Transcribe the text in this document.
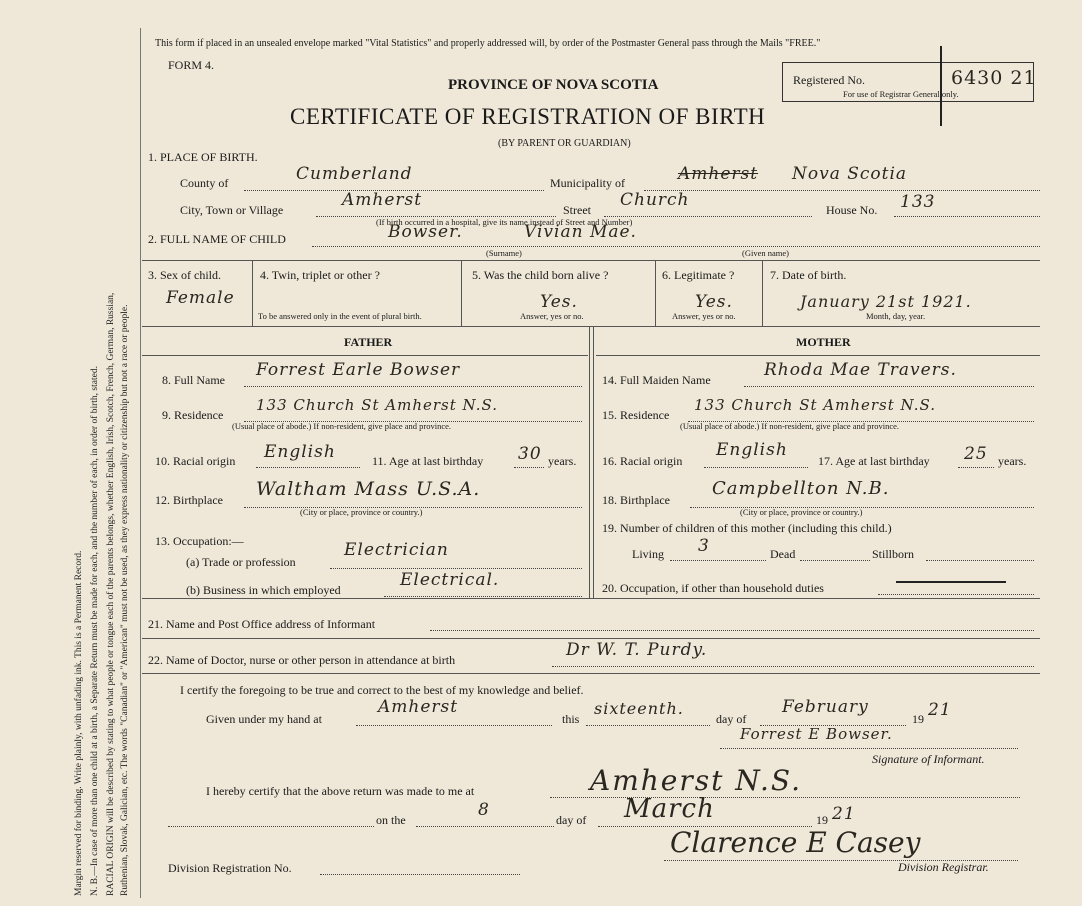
Margin reserved for binding. Write plainly, with unfading ink. This is a Permanent Record. N. B.—In case of more than one child at a birth, a Separate Return must be made for each, and the number of each, in order of birth, stated. RACIAL ORIGIN will be described by stating to what people or tongue each of the parents belongs, whether English, Irish, Scotch, French, German, Russian, Ruthenian, Slovak, Galician, etc. The words "Canadian" or "American" must not be used, as they express nationality or citizenship but not a race or people.
This form if placed in an unsealed envelope marked "Vital Statistics" and properly addressed will, by order of the Postmaster General pass through the Mails "FREE."
FORM 4.
PROVINCE OF NOVA SCOTIA
CERTIFICATE OF REGISTRATION OF BIRTH
(BY PARENT OR GUARDIAN)
Registered No.
For use of Registrar General only.
6430 21
1. PLACE OF BIRTH.
County of	Cumberland	Municipality of	Amherst Nova Scotia
City, Town or Village	Amherst	Street Church	House No. 133
(If birth occurred in a hospital, give its name instead of Street and Number)
2. FULL NAME OF CHILD	Bowser.	Vivian Mae.
(Surname)	(Given name)
3. Sex of child.
Female
4. Twin, triplet or other ?
To be answered only in the event of plural birth.
5. Was the child born alive ?
Yes.
Answer, yes or no.
6. Legitimate ?
Yes.
Answer, yes or no.
7. Date of birth.
January 21st 1921.
Month, day, year.
FATHER	MOTHER
8. Full Name Forrest Earle Bowser
9. Residence
133 Church St Amherst N.S.
(Usual place of abode.) If non-resident, give place and province.
10. Racial origin English	11. Age at last birthday 30 years.
12. Birthplace Waltham Mass U.S.A.
(City or place, province or country.)
13. Occupation:—
(a) Trade or profession
Electrician
(b) Business in which employed	Electrical.
14. Full Maiden Name	Rhoda Mae Travers.
15. Residence
133 Church St Amherst N.S.
(Usual place of abode.) If non-resident, give place and province.
16. Racial origin
English
17. Age at last birthday 25 years.
18. Birthplace
Campbellton N.B.
(City or place, province or country.)
19. Number of children of this mother (including this child.)
Living 3	Dead	Stillborn
20. Occupation, if other than household duties
21. Name and Post Office address of Informant
22. Name of Doctor, nurse or other person in attendance at birth	Dr W. T. Purdy.
I certify the foregoing to be true and correct to the best of my knowledge and belief.
Given under my hand at
Amherst
this
sixteenth.
day of
February
19 21
Forrest E Bowser.
Signature of Informant.
I hereby certify that the above return was made to me at	Amherst N.S.
on the	8	day of March	19 21
Division Registration No.
Clarence E Casey
Division Registrar.
